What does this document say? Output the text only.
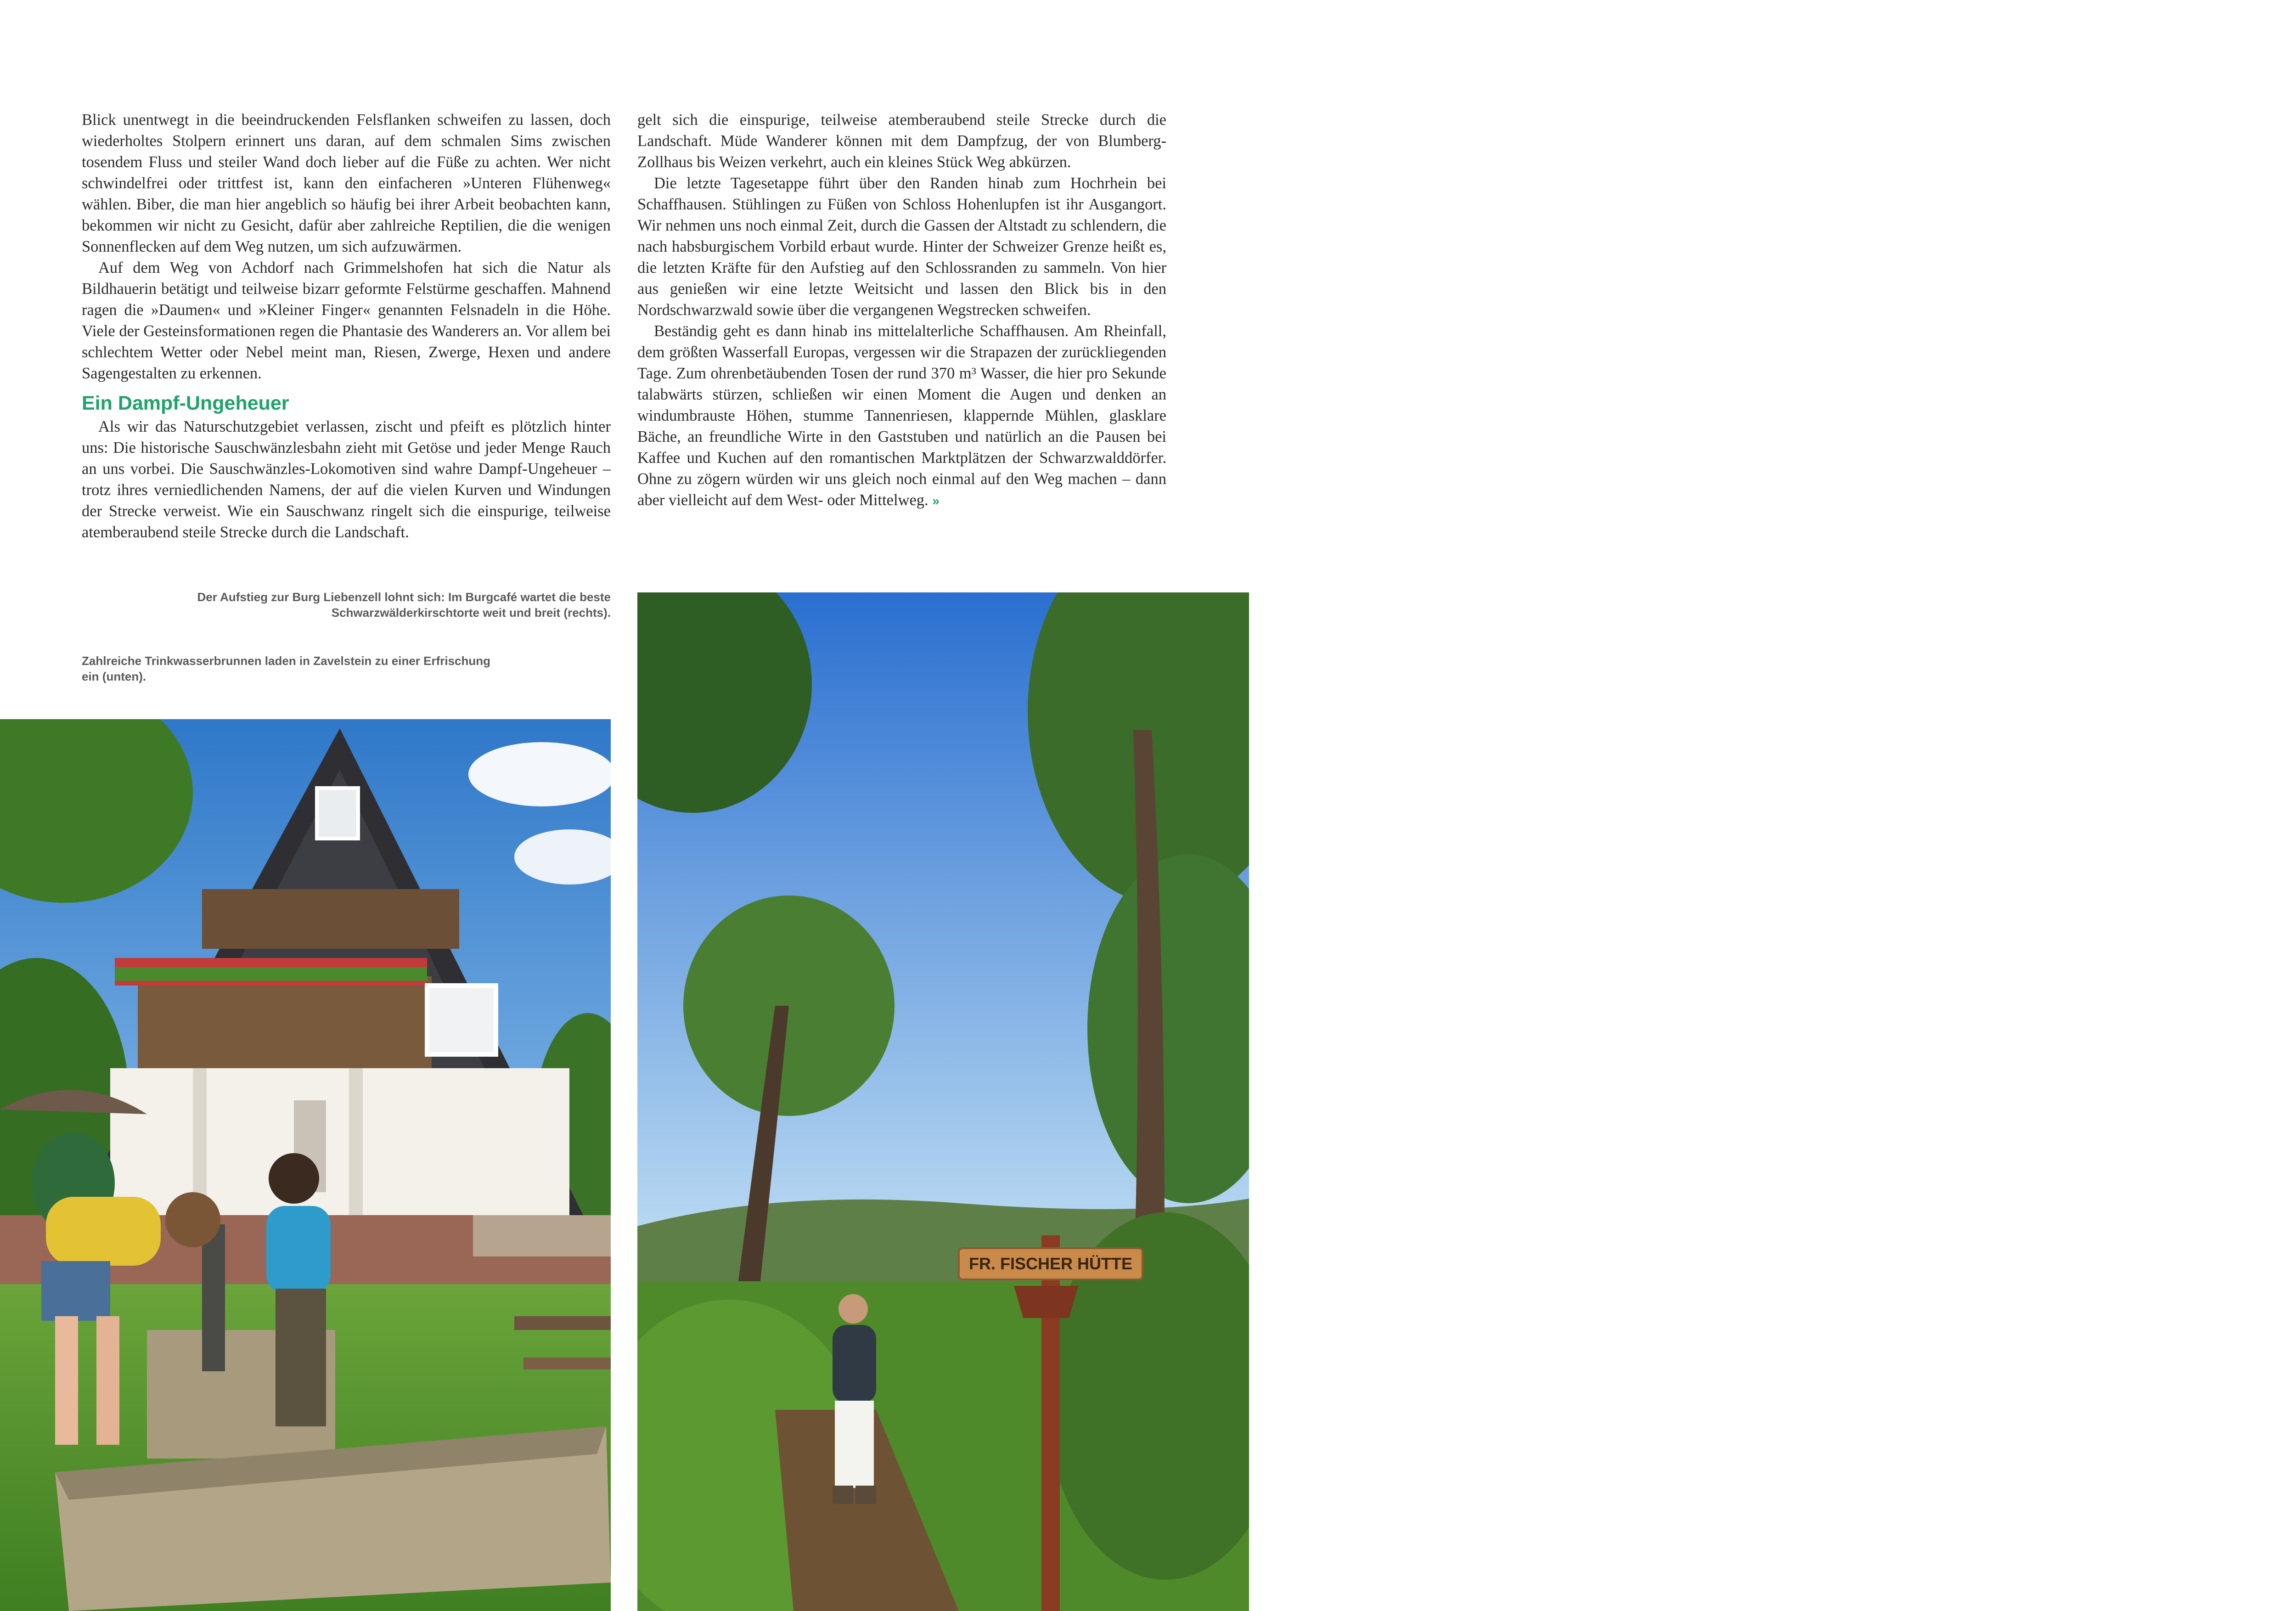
Blick unentwegt in die beeindruckenden Felsflanken schweifen zu lassen, doch wiederholtes Stolpern erinnert uns daran, auf dem schmalen Sims zwischen tosendem Fluss und steiler Wand doch lieber auf die Füße zu achten. Wer nicht schwindelfrei oder trittfest ist, kann den einfacheren »Unteren Flühenweg« wählen. Biber, die man hier angeblich so häufig bei ihrer Arbeit beobachten kann, bekommen wir nicht zu Gesicht, dafür aber zahlreiche Reptilien, die die wenigen Sonnenflecken auf dem Weg nutzen, um sich aufzuwärmen.

Auf dem Weg von Achdorf nach Grimmelshofen hat sich die Natur als Bildhauerin betätigt und teilweise bizarr geformte Felstürme geschaffen. Mahnend ragen die »Daumen« und »Kleiner Finger« genannten Felsnadeln in die Höhe. Viele der Gesteinsformationen regen die Phantasie des Wanderers an. Vor allem bei schlechtem Wetter oder Nebel meint man, Riesen, Zwerge, Hexen und andere Sagengestalten zu erkennen.

Ein Dampf-Ungeheuer

Als wir das Naturschutzgebiet verlassen, zischt und pfeift es plötzlich hinter uns: Die historische Sauschwänzlesbahn zieht mit Getöse und jeder Menge Rauch an uns vorbei. Die Sauschwänzles-Lokomotiven sind wahre Dampf-Ungeheuer – trotz ihres verniedlichenden Namens, der auf die vielen Kurven und Windungen der Strecke verweist. Wie ein Sauschwanz ringelt sich die einspurige, teilweise atemberaubend steile Strecke durch die Landschaft.

gelt sich die einspurige, teilweise atemberaubend steile Strecke durch die Landschaft. Müde Wanderer können mit dem Dampfzug, der von Blumberg-Zollhaus bis Weizen verkehrt, auch ein kleines Stück Weg abkürzen.

Die letzte Tagesetappe führt über den Randen hinab zum Hochrhein bei Schaffhausen. Stühlingen zu Füßen von Schloss Hohenlupfen ist ihr Ausgangort. Wir nehmen uns noch einmal Zeit, durch die Gassen der Altstadt zu schlendern, die nach habsburgischem Vorbild erbaut wurde. Hinter der Schweizer Grenze heißt es, die letzten Kräfte für den Aufstieg auf den Schlossranden zu sammeln. Von hier aus genießen wir eine letzte Weitsicht und lassen den Blick bis in den Nordschwarzwald sowie über die vergangenen Wegstrecken schweifen.

Beständig geht es dann hinab ins mittelalterliche Schaffhausen. Am Rheinfall, dem größten Wasserfall Europas, vergessen wir die Strapazen der zurückliegenden Tage. Zum ohrenbetäubenden Tosen der rund 370 m³ Wasser, die hier pro Sekunde talabwärts stürzen, schließen wir einen Moment die Augen und denken an windumbrauste Höhen, stumme Tannenriesen, klappernde Mühlen, glasklare Bäche, an freundliche Wirte in den Gaststuben und natürlich an die Pausen bei Kaffee und Kuchen auf den romantischen Marktplätzen der Schwarzwalddörfer. Ohne zu zögern würden wir uns gleich noch einmal auf den Weg machen – dann aber vielleicht auf dem West- oder Mittelweg. »

Der Aufstieg zur Burg Liebenzell lohnt sich: Im Burgcafé wartet die beste Schwarzwälderkirschtorte weit und breit (rechts).
Zahlreiche Trinkwasserbrunnen laden in Zavelstein zu einer Erfrischung ein (unten).
FR. FISCHER HÜTTE
